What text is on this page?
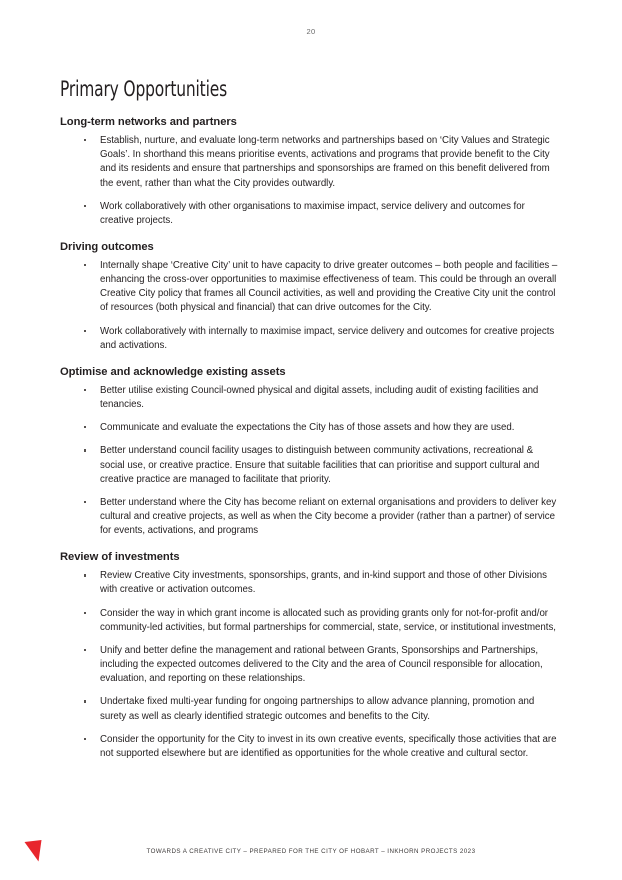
20
Primary Opportunities
Long-term networks and partners
Establish, nurture, and evaluate long-term networks and partnerships based on ‘City Values and Strategic Goals’. In shorthand this means prioritise events, activations and programs that provide benefit to the City and its residents and ensure that partnerships and sponsorships are framed on this benefit delivered from the event, rather than what the City provides outwardly.
Work collaboratively with other organisations to maximise impact, service delivery and outcomes for creative projects.
Driving outcomes
Internally shape ‘Creative City’ unit to have capacity to drive greater outcomes – both people and facilities – enhancing the cross-over opportunities to maximise effectiveness of team. This could be through an overall Creative City policy that frames all Council activities, as well and providing the Creative City unit the control of resources (both physical and financial) that can drive outcomes for the City.
Work collaboratively with internally to maximise impact, service delivery and outcomes for creative projects and activations.
Optimise and acknowledge existing assets
Better utilise existing Council-owned physical and digital assets, including audit of existing facilities and tenancies.
Communicate and evaluate the expectations the City has of those assets and how they are used.
Better understand council facility usages to distinguish between community activations, recreational & social use, or creative practice. Ensure that suitable facilities that can prioritise and support cultural and creative practice are managed to facilitate that priority.
Better understand where the City has become reliant on external organisations and providers to deliver key cultural and creative projects, as well as when the City become a provider (rather than a partner) of service for events, activations, and programs
Review of investments
Review Creative City investments, sponsorships, grants, and in-kind support and those of other Divisions with creative or activation outcomes.
Consider the way in which grant income is allocated such as providing grants only for not-for-profit and/or community-led activities, but formal partnerships for commercial, state, service, or institutional investments,
Unify and better define the management and rational between Grants, Sponsorships and Partnerships, including the expected outcomes delivered to the City and the area of Council responsible for allocation, evaluation, and reporting on these relationships.
Undertake fixed multi-year funding for ongoing partnerships to allow advance planning, promotion and surety as well as clearly identified strategic outcomes and benefits to the City.
Consider the opportunity for the City to invest in its own creative events, specifically those activities that are not supported elsewhere but are identified as opportunities for the whole creative and cultural sector.
TOWARDS A CREATIVE CITY – PREPARED FOR THE CITY OF HOBART – INKHORN PROJECTS 2023
